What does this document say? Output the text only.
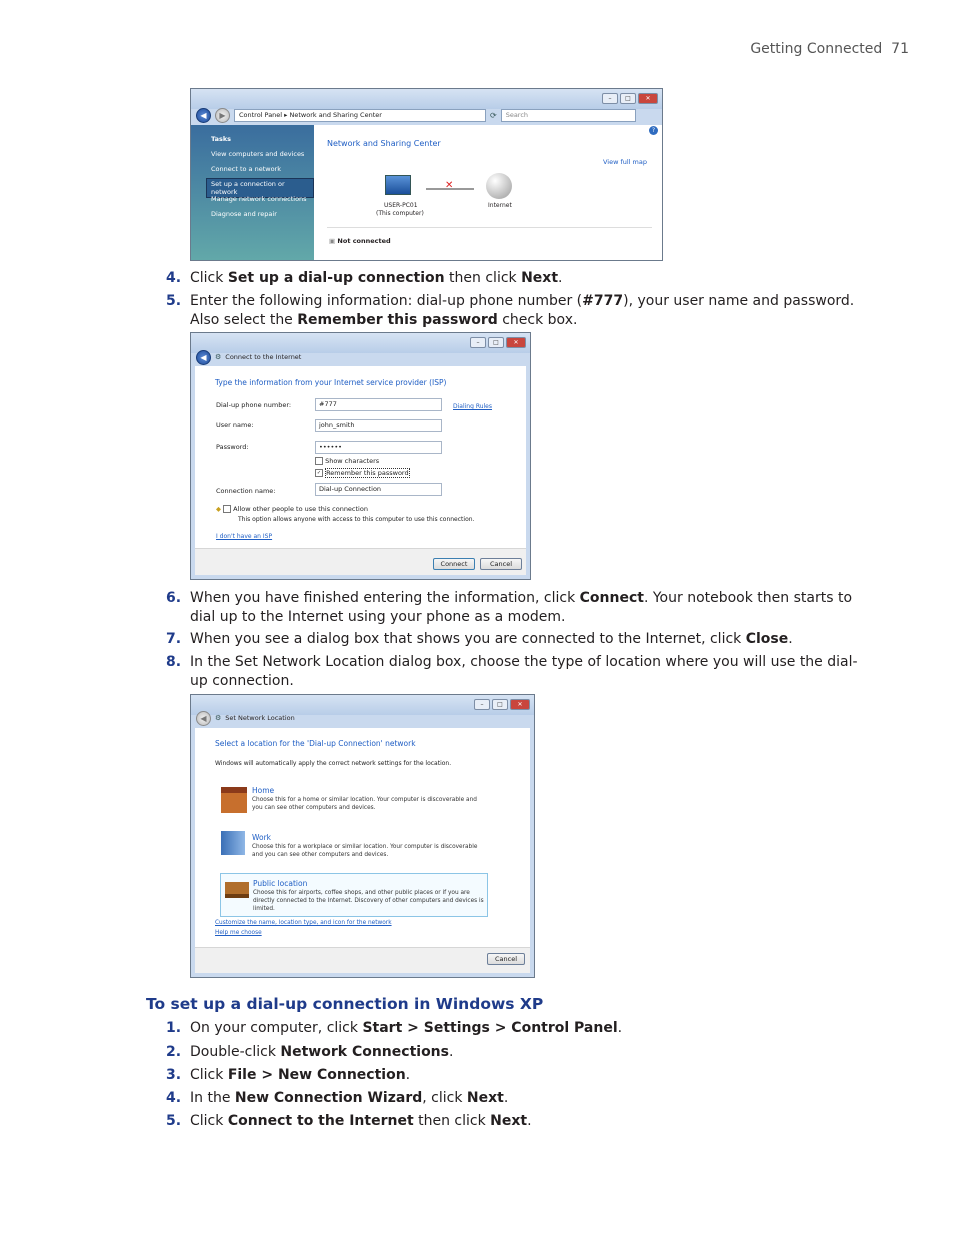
Getting Connected 71
–	□	✕
◀	▶	Control Panel ▸ Network and Sharing Center	⟳	Search
Tasks
View computers and devices
Connect to a network
Set up a connection or network
Manage network connections
Diagnose and repair
?
Network and Sharing Center
View full map
USER-PC01
(This computer)
✕
Internet
▣ Not connected
4. Click Set up a dial-up connection then click Next.
5. Enter the following information: dial-up phone number (#777), your user name and password. Also select the Remember this password check box.
–	□	✕
◀	⚙ Connect to the Internet
Type the information from your Internet service provider (ISP)
Dial-up phone number:	#777	Dialing Rules
User name:	john_smith
Password:	••••••
Show characters
✓ Remember this password
Connection name:	Dial-up Connection
◆ Allow other people to use this connection
This option allows anyone with access to this computer to use this connection.
I don't have an ISP
Connect	Cancel
6. When you have finished entering the information, click Connect. Your notebook then starts to dial up to the Internet using your phone as a modem.
7. When you see a dialog box that shows you are connected to the Internet, click Close.
8. In the Set Network Location dialog box, choose the type of location where you will use the dial-up connection.
–	□	✕
◀	⚙ Set Network Location
Select a location for the 'Dial-up Connection' network
Windows will automatically apply the correct network settings for the location.
Home
Choose this for a home or similar location. Your computer is discoverable and you can see other computers and devices.
Work
Choose this for a workplace or similar location. Your computer is discoverable and you can see other computers and devices.
Public location
Choose this for airports, coffee shops, and other public places or if you are directly connected to the Internet. Discovery of other computers and devices is limited.
Customize the name, location type, and icon for the network
Help me choose
Cancel
To set up a dial-up connection in Windows XP
1. On your computer, click Start > Settings > Control Panel.
2. Double-click Network Connections.
3. Click File > New Connection.
4. In the New Connection Wizard, click Next.
5. Click Connect to the Internet then click Next.
